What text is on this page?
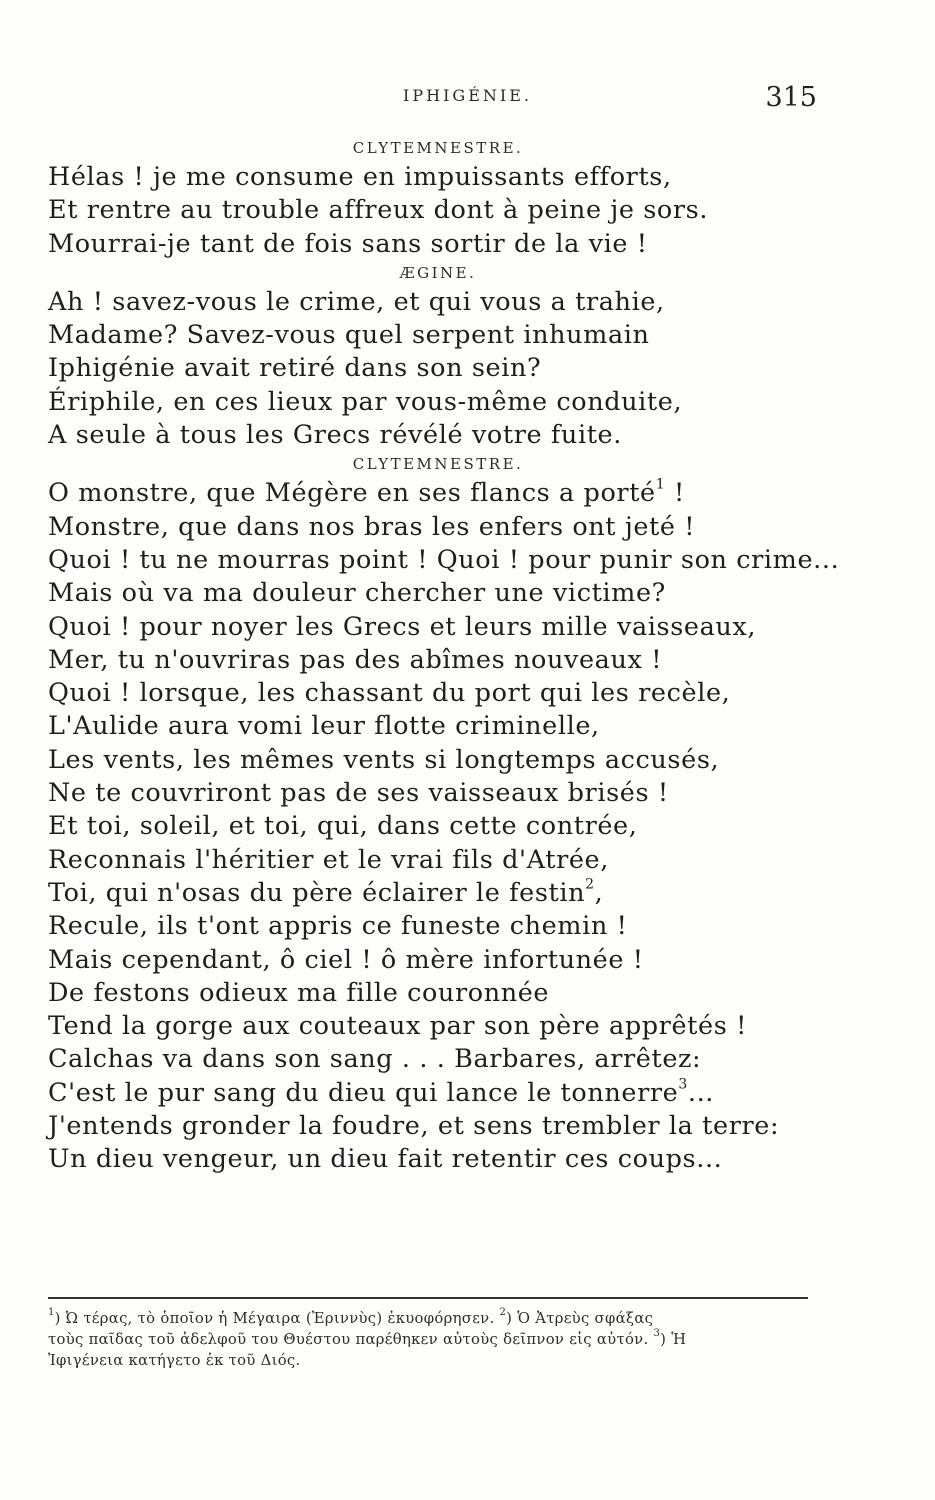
IPHIGÉNIE.	315
CLYTEMNESTRE.
Hélas ! je me consume en impuissants efforts,
Et rentre au trouble affreux dont à peine je sors.
Mourrai-je tant de fois sans sortir de la vie !
ÆGINE.
Ah ! savez-vous le crime, et qui vous a trahie,
Madame? Savez-vous quel serpent inhumain
Iphigénie avait retiré dans son sein?
Ériphile, en ces lieux par vous-même conduite,
A seule à tous les Grecs révélé votre fuite.
CLYTEMNESTRE.
O monstre, que Mégère en ses flancs a porté$^1$ !
Monstre, que dans nos bras les enfers ont jeté !
Quoi ! tu ne mourras point ! Quoi ! pour punir son crime...
Mais où va ma douleur chercher une victime?
Quoi ! pour noyer les Grecs et leurs mille vaisseaux,
Mer, tu n'ouvriras pas des abîmes nouveaux !
Quoi ! lorsque, les chassant du port qui les recèle,
L'Aulide aura vomi leur flotte criminelle,
Les vents, les mêmes vents si longtemps accusés,
Ne te couvriront pas de ses vaisseaux brisés !
Et toi, soleil, et toi, qui, dans cette contrée,
Reconnais l'héritier et le vrai fils d'Atrée,
Toi, qui n'osas du père éclairer le festin$^2$,
Recule, ils t'ont appris ce funeste chemin !
Mais cependant, ô ciel ! ô mère infortunée !
De festons odieux ma fille couronnée
Tend la gorge aux couteaux par son père apprêtés !
Calchas va dans son sang . . . Barbares, arrêtez:
C'est le pur sang du dieu qui lance le tonnerre$^3$...
J'entends gronder la foudre, et sens trembler la terre:
Un dieu vengeur, un dieu fait retentir ces coups...
$^1$) Ὠ τέρας, τὸ ὁποῖον ἡ Μέγαιρα (Ἐριννὺς) ἐκυοφόρησεν. $^2$) Ὁ Ἀτρεὺς σφάξας
τοὺς παῖδας τοῦ ἀδελφοῦ του Θυέστου παρέθηκεν αὐτοὺς δεῖπνον εἰς αὐτόν. $^3$) Ἡ
Ἰφιγένεια κατήγετο ἐκ τοῦ Διός.
